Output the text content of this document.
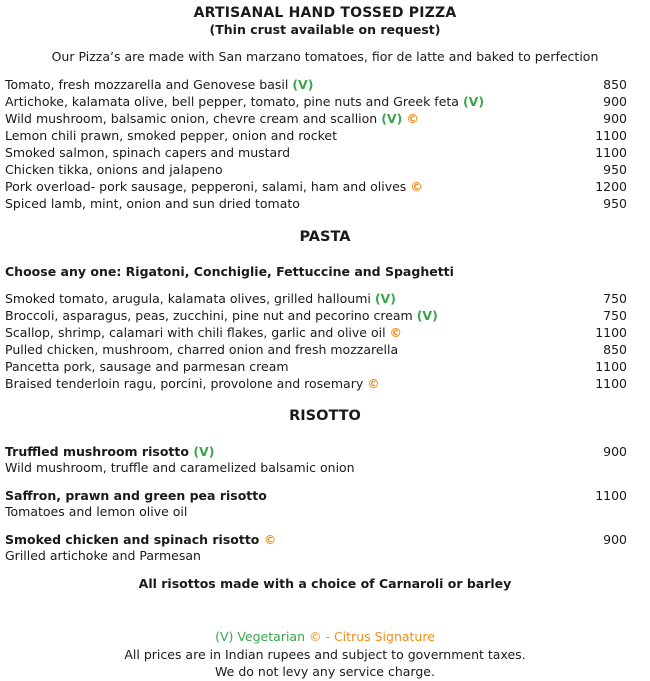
ARTISANAL HAND TOSSED PIZZA
(Thin crust available on request)
Our Pizza’s are made with San marzano tomatoes, fior de latte and baked to perfection
Tomato, fresh mozzarella and Genovese basil (V)	850
Artichoke, kalamata olive, bell pepper, tomato, pine nuts and Greek feta (V)	900
Wild mushroom, balsamic onion, chevre cream and scallion (V) ©	900
Lemon chili prawn, smoked pepper, onion and rocket	1100
Smoked salmon, spinach capers and mustard	1100
Chicken tikka, onions and jalapeno	950
Pork overload- pork sausage, pepperoni, salami, ham and olives ©	1200
Spiced lamb, mint, onion and sun dried tomato	950
PASTA
Choose any one: Rigatoni, Conchiglie, Fettuccine and Spaghetti
Smoked tomato, arugula, kalamata olives, grilled halloumi (V)	750
Broccoli, asparagus, peas, zucchini, pine nut and pecorino cream (V)	750
Scallop, shrimp, calamari with chili flakes, garlic and olive oil ©	1100
Pulled chicken, mushroom, charred onion and fresh mozzarella	850
Pancetta pork, sausage and parmesan cream	1100
Braised tenderloin ragu, porcini, provolone and rosemary ©	1100
RISOTTO
Truffled mushroom risotto (V)	900
Wild mushroom, truffle and caramelized balsamic onion
Saffron, prawn and green pea risotto	1100
Tomatoes and lemon olive oil
Smoked chicken and spinach risotto ©	900
Grilled artichoke and Parmesan
All risottos made with a choice of Carnaroli or barley
(V) Vegetarian © - Citrus Signature
All prices are in Indian rupees and subject to government taxes.
We do not levy any service charge.
